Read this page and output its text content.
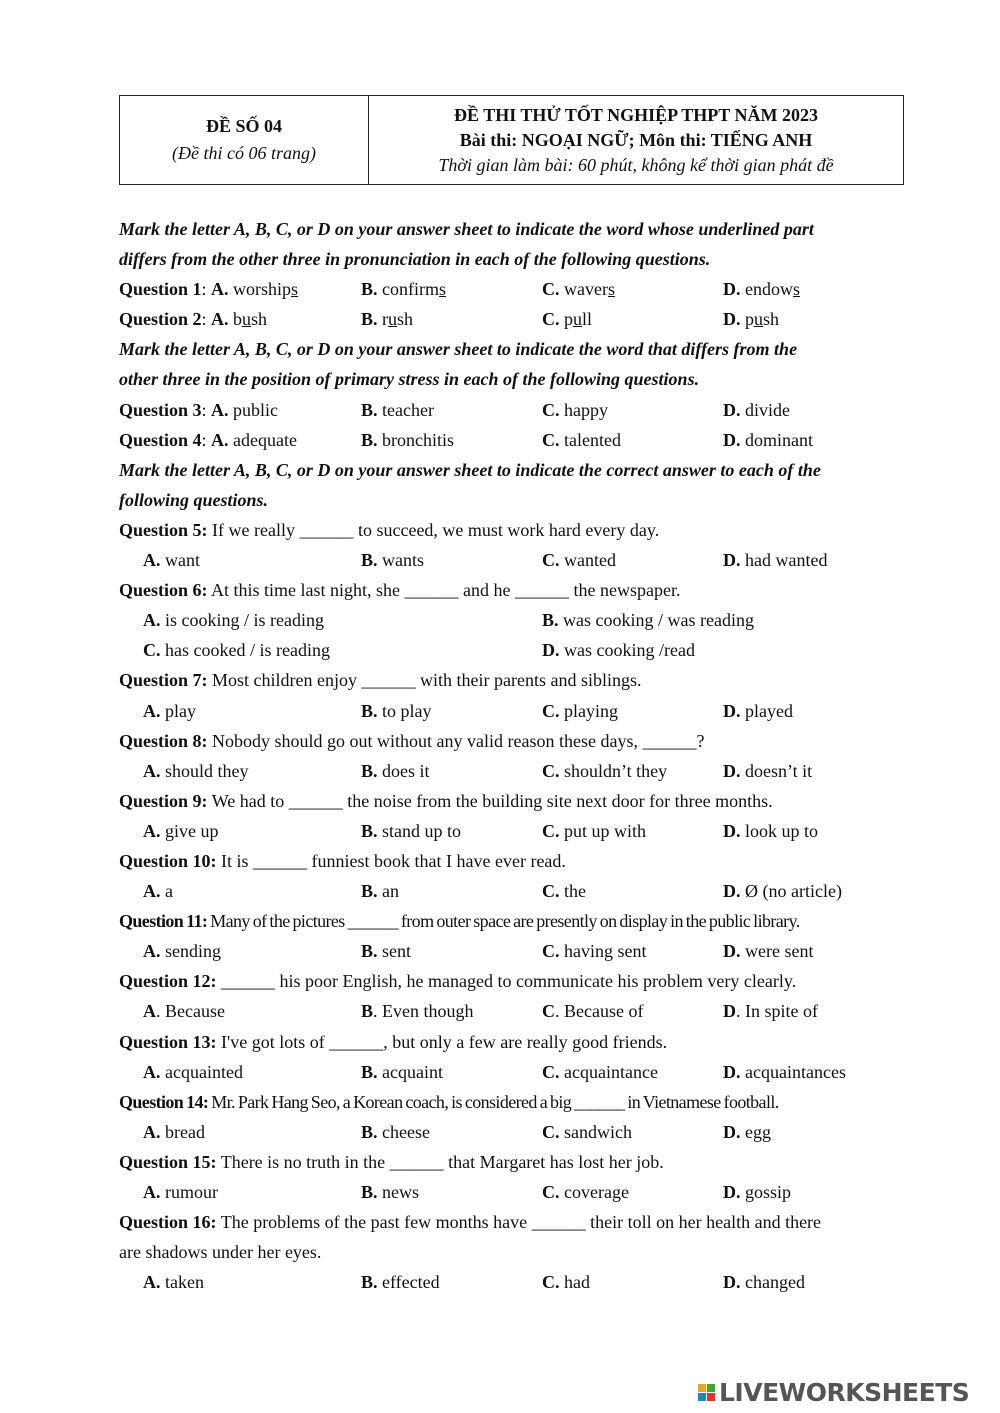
ĐỀ SỐ 04
(Đề thi có 06 trang)
ĐỀ THI THỬ TỐT NGHIỆP THPT NĂM 2023
Bài thi: NGOẠI NGỮ; Môn thi: TIẾNG ANH
Thời gian làm bài: 60 phút, không kể thời gian phát đề
Mark the letter A, B, C, or D on your answer sheet to indicate the word whose underlined part
differs from the other three in pronunciation in each of the following questions.
Question 1: A. worships	B. confirms	C. wavers	D. endows
Question 2: A. bush	B. rush	C. pull	D. push
Mark the letter A, B, C, or D on your answer sheet to indicate the word that differs from the
other three in the position of primary stress in each of the following questions.
Question 3: A. public	B. teacher	C. happy	D. divide
Question 4: A. adequate	B. bronchitis	C. talented	D. dominant
Mark the letter A, B, C, or D on your answer sheet to indicate the correct answer to each of the
following questions.
Question 5: If we really ______ to succeed, we must work hard every day.
A. want	B. wants	C. wanted	D. had wanted
Question 6: At this time last night, she ______ and he ______ the newspaper.
A. is cooking / is reading	B. was cooking / was reading
C. has cooked / is reading	D. was cooking /read
Question 7: Most children enjoy ______ with their parents and siblings.
A. play	B. to play	C. playing	D. played
Question 8: Nobody should go out without any valid reason these days, ______?
A. should they	B. does it	C. shouldn’t they	D. doesn’t it
Question 9: We had to ______ the noise from the building site next door for three months.
A. give up	B. stand up to	C. put up with	D. look up to
Question 10: It is ______ funniest book that I have ever read.
A. a	B. an	C. the	D. Ø (no article)
Question 11: Many of the pictures ______ from outer space are presently on display in the public library.
A. sending	B. sent	C. having sent	D. were sent
Question 12: ______ his poor English, he managed to communicate his problem very clearly.
A. Because	B. Even though	C. Because of	D. In spite of
Question 13: I've got lots of ______, but only a few are really good friends.
A. acquainted	B. acquaint	C. acquaintance	D. acquaintances
Question 14: Mr. Park Hang Seo, a Korean coach, is considered a big ______ in Vietnamese football.
A. bread	B. cheese	C. sandwich	D. egg
Question 15: There is no truth in the ______ that Margaret has lost her job.
A. rumour	B. news	C. coverage	D. gossip
Question 16: The problems of the past few months have ______ their toll on her health and there
are shadows under her eyes.
A. taken	B. effected	C. had	D. changed
LIVEWORKSHEETS
